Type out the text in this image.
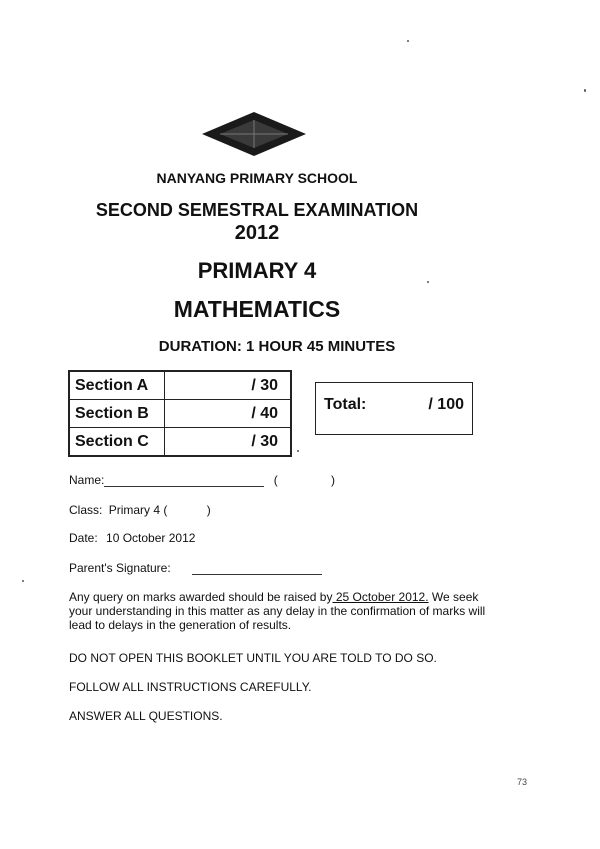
NANYANG PRIMARY SCHOOL
SECOND SEMESTRAL EXAMINATION
2012
PRIMARY 4
MATHEMATICS
DURATION: 1 HOUR 45 MINUTES
Section A	/ 30
Section B	/ 40
Section C	/ 30
Total:	/ 100
Name:	(	)
Class: Primary 4 (	)
Date: 10 October 2012
Parent's Signature:
Any query on marks awarded should be raised by 25 October 2012. We seek your understanding in this matter as any delay in the confirmation of marks will lead to delays in the generation of results.
DO NOT OPEN THIS BOOKLET UNTIL YOU ARE TOLD TO DO SO.
FOLLOW ALL INSTRUCTIONS CAREFULLY.
ANSWER ALL QUESTIONS.
73
